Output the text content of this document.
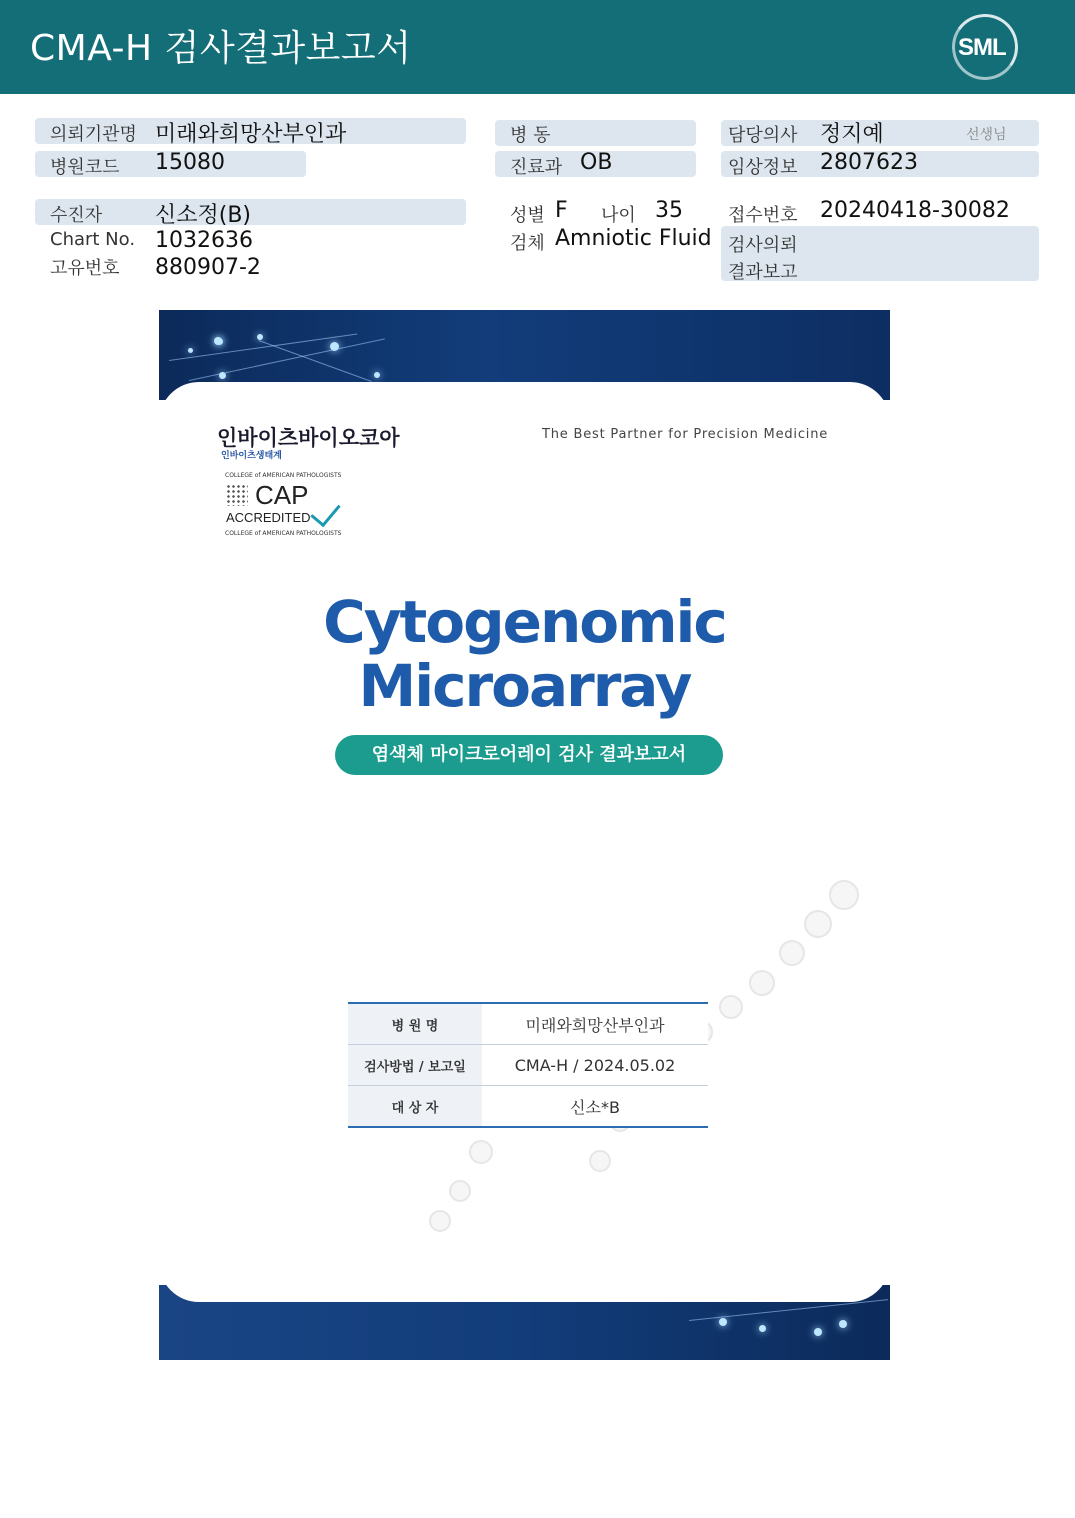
CMA-H 검사결과보고서	SML
의뢰기관명 미래와희망산부인과	병 동	담당의사 정지예	선생님
병원코드 15080	진료과 OB	임상정보 2807623
수진자 신소정(B)	성별 F 나이 35	접수번호 20240418-30082
Chart No. 1032636	검체 Amniotic Fluid 검사의뢰
결과보고
고유번호 880907-2
인바이츠바이오코아
인바이츠생태계
The Best Partner for Precision Medicine
COLLEGE of AMERICAN PATHOLOGISTS
CAP
ACCREDITED
COLLEGE of AMERICAN PATHOLOGISTS
Cytogenomic
Microarray
염색체 마이크로어레이 검사 결과보고서
병 원 명	미래와희망산부인과
검사방법 / 보고일	CMA-H / 2024.05.02
대 상 자	신소*B
